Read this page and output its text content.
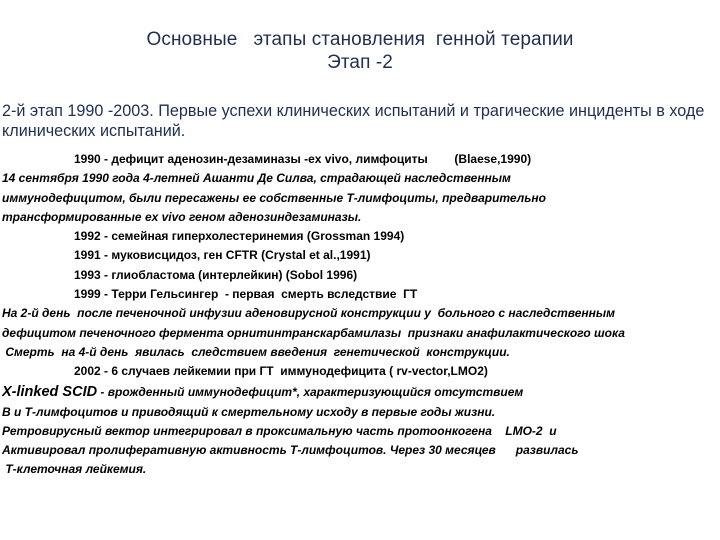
Основные   этапы становления  генной терапии
Этап -2
2-й этап 1990 -2003. Первые успехи клинических испытаний и трагические инциденты в ходе клинических испытаний.
1990 - дефицит аденозин-дезаминазы -ex vivo, лимфоциты        (Blaese,1990)
14 сентября 1990 года 4-летней Ашанти Де Силва, страдающей наследственным
иммунодефицитом, были пересажены ее собственные Т-лимфоциты, предварительно
трансформированные ex vivo геном аденозиндезаминазы.
1992 - семейная гиперхолестеринемия (Grossman 1994)
1991 - муковисцидоз, ген CFTR (Crystal et al.,1991)
1993 - глиобластома (интерлейкин) (Sobol 1996)
1999 - Терри Гельсингер  - первая  смерть вследствие  ГТ
На 2-й день  после печеночной инфузии аденовирусной конструкции у  больного с наследственным
дефицитом печеночного фермента орнитинтранскарбамилазы  признаки анафилактического шока
Смерть  на 4-й день  явилась  следствием введения  генетической  конструкции.
2002 - 6 случаев лейкемии при ГТ  иммунодефицита ( rv-vector,LMO2)
X-linked SCID - врожденный иммунодефицит*, характеризующийся отсутствием
B и Т-лимфоцитов и приводящий к смертельному исходу в первые годы жизни.
Ретровирусный вектор интегрировал в проксимальную часть протоонкогена    LMO-2  и
Активировал пролиферативную активность Т-лимфоцитов. Через 30 месяцев      развилась
Т-клеточная лейкемия.
